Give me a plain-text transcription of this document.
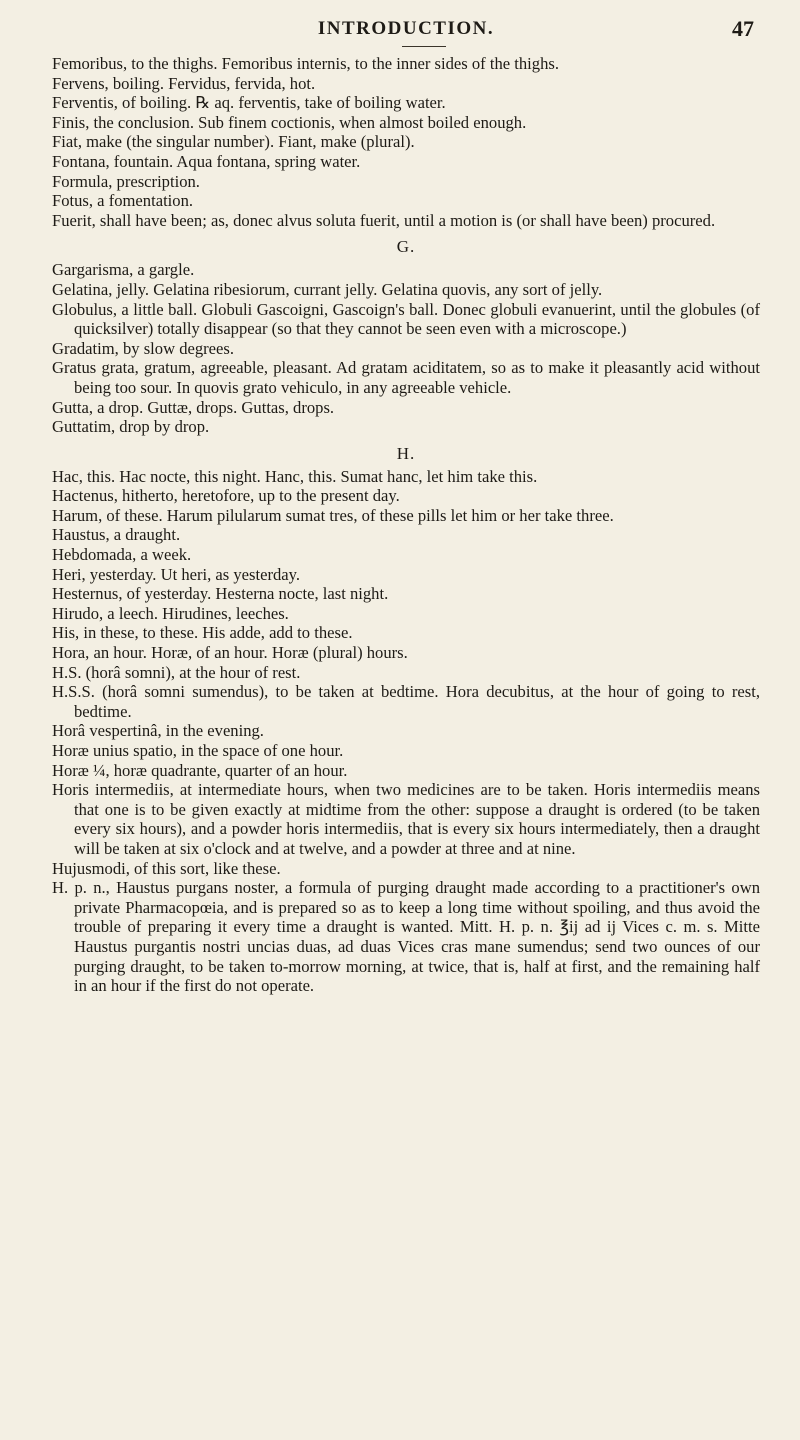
INTRODUCTION.	47

Femoribus, to the thighs. Femoribus internis, to the inner sides of the thighs.

Fervens, boiling. Fervidus, fervida, hot.

Ferventis, of boiling. ℞ aq. ferventis, take of boiling water.

Finis, the conclusion. Sub finem coctionis, when almost boiled enough.

Fiat, make (the singular number). Fiant, make (plural).

Fontana, fountain. Aqua fontana, spring water.

Formula, prescription.

Fotus, a fomentation.

Fuerit, shall have been; as, donec alvus soluta fuerit, until a motion is (or shall have been) procured.

G.

Gargarisma, a gargle.

Gelatina, jelly. Gelatina ribesiorum, currant jelly. Gelatina quovis, any sort of jelly.

Globulus, a little ball. Globuli Gascoigni, Gascoign's ball. Donec globuli evanuerint, until the globules (of quicksilver) totally disappear (so that they cannot be seen even with a microscope.)

Gradatim, by slow degrees.

Gratus grata, gratum, agreeable, pleasant. Ad gratam aciditatem, so as to make it pleasantly acid without being too sour. In quovis grato vehiculo, in any agreeable vehicle.

Gutta, a drop. Guttæ, drops. Guttas, drops.

Guttatim, drop by drop.

H.

Hac, this. Hac nocte, this night. Hanc, this. Sumat hanc, let him take this.

Hactenus, hitherto, heretofore, up to the present day.

Harum, of these. Harum pilularum sumat tres, of these pills let him or her take three.

Haustus, a draught.

Hebdomada, a week.

Heri, yesterday. Ut heri, as yesterday.

Hesternus, of yesterday. Hesterna nocte, last night.

Hirudo, a leech. Hirudines, leeches.

His, in these, to these. His adde, add to these.

Hora, an hour. Horæ, of an hour. Horæ (plural) hours.

H.S. (horâ somni), at the hour of rest.

H.S.S. (horâ somni sumendus), to be taken at bedtime. Hora decubitus, at the hour of going to rest, bedtime.

Horâ vespertinâ, in the evening.

Horæ unius spatio, in the space of one hour.

Horæ ¼, horæ quadrante, quarter of an hour.

Horis intermediis, at intermediate hours, when two medicines are to be taken. Horis intermediis means that one is to be given exactly at midtime from the other: suppose a draught is ordered (to be taken every six hours), and a powder horis intermediis, that is every six hours intermediately, then a draught will be taken at six o'clock and at twelve, and a powder at three and at nine.

Hujusmodi, of this sort, like these.

H. p. n., Haustus purgans noster, a formula of purging draught made according to a practitioner's own private Pharmacopœia, and is prepared so as to keep a long time without spoiling, and thus avoid the trouble of preparing it every time a draught is wanted. Mitt. H. p. n. ℥ij ad ij Vices c. m. s. Mitte Haustus purgantis nostri uncias duas, ad duas Vices cras mane sumendus; send two ounces of our purging draught, to be taken to-morrow morning, at twice, that is, half at first, and the remaining half in an hour if the first do not operate.
